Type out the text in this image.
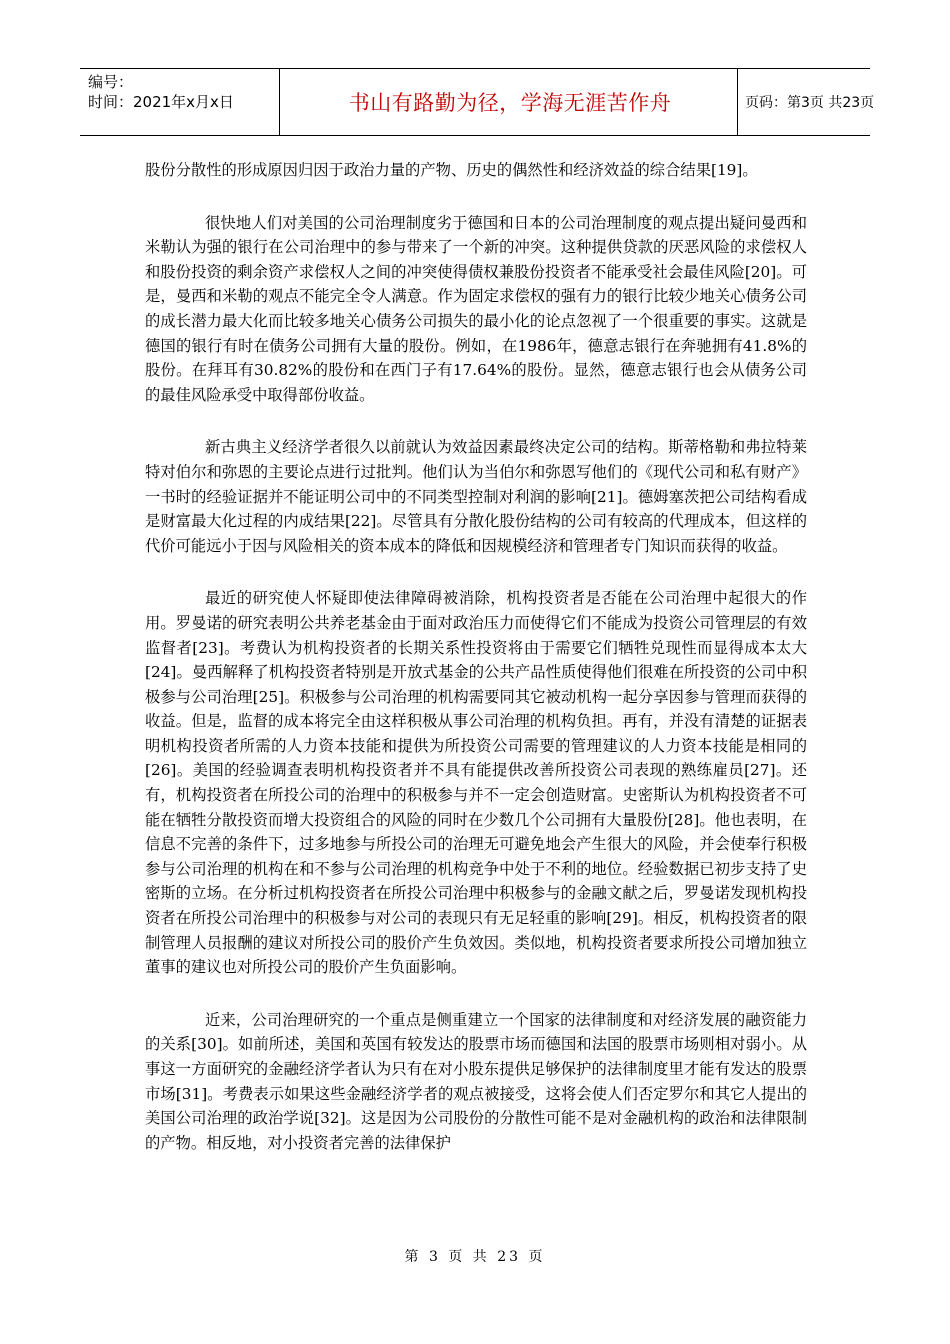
编号：
时间：2021年x月x日	书山有路勤为径，学海无涯苦作舟	页码：第3页 共23页

股份分散性的形成原因归因于政治力量的产物、历史的偶然性和经济效益的综合结果[19]。

很快地人们对美国的公司治理制度劣于德国和日本的公司治理制度的观点提出疑问曼西和米勒认为强的银行在公司治理中的参与带来了一个新的冲突。这种提供贷款的厌恶风险的求偿权人和股份投资的剩余资产求偿权人之间的冲突使得债权兼股份投资者不能承受社会最佳风险[20]。可是，曼西和米勒的观点不能完全令人满意。作为固定求偿权的强有力的银行比较少地关心债务公司的成长潜力最大化而比较多地关心债务公司损失的最小化的论点忽视了一个很重要的事实。这就是德国的银行有时在债务公司拥有大量的股份。例如，在1986年，德意志银行在奔驰拥有41.8%的股份。在拜耳有30.82%的股份和在西门子有17.64%的股份。显然，德意志银行也会从债务公司的最佳风险承受中取得部份收益。

新古典主义经济学者很久以前就认为效益因素最终决定公司的结构。斯蒂格勒和弗拉特莱特对伯尔和弥恩的主要论点进行过批判。他们认为当伯尔和弥恩写他们的《现代公司和私有财产》一书时的经验证据并不能证明公司中的不同类型控制对利润的影响[21]。德姆塞茨把公司结构看成是财富最大化过程的内成结果[22]。尽管具有分散化股份结构的公司有较高的代理成本，但这样的代价可能远小于因与风险相关的资本成本的降低和因规模经济和管理者专门知识而获得的收益。

最近的研究使人怀疑即使法律障碍被消除，机构投资者是否能在公司治理中起很大的作用。罗曼诺的研究表明公共养老基金由于面对政治压力而使得它们不能成为投资公司管理层的有效监督者[23]。考费认为机构投资者的长期关系性投资将由于需要它们牺牲兑现性而显得成本太大[24]。曼西解释了机构投资者特别是开放式基金的公共产品性质使得他们很难在所投资的公司中积极参与公司治理[25]。积极参与公司治理的机构需要同其它被动机构一起分享因参与管理而获得的收益。但是，监督的成本将完全由这样积极从事公司治理的机构负担。再有，并没有清楚的证据表明机构投资者所需的人力资本技能和提供为所投资公司需要的管理建议的人力资本技能是相同的[26]。美国的经验调查表明机构投资者并不具有能提供改善所投资公司表现的熟练雇员[27]。还有，机构投资者在所投公司的治理中的积极参与并不一定会创造财富。史密斯认为机构投资者不可能在牺牲分散投资而增大投资组合的风险的同时在少数几个公司拥有大量股份[28]。他也表明，在信息不完善的条件下，过多地参与所投公司的治理无可避免地会产生很大的风险，并会使奉行积极参与公司治理的机构在和不参与公司治理的机构竞争中处于不利的地位。经验数据已初步支持了史密斯的立场。在分析过机构投资者在所投公司治理中积极参与的金融文献之后，罗曼诺发现机构投资者在所投公司治理中的积极参与对公司的表现只有无足轻重的影响[29]。相反，机构投资者的限制管理人员报酬的建议对所投公司的股价产生负效因。类似地，机构投资者要求所投公司增加独立董事的建议也对所投公司的股价产生负面影响。

近来，公司治理研究的一个重点是侧重建立一个国家的法律制度和对经济发展的融资能力的关系[30]。如前所述，美国和英国有较发达的股票市场而德国和法国的股票市场则相对弱小。从事这一方面研究的金融经济学者认为只有在对小股东提供足够保护的法律制度里才能有发达的股票市场[31]。考费表示如果这些金融经济学者的观点被接受，这将会使人们否定罗尔和其它人提出的美国公司治理的政治学说[32]。这是因为公司股份的分散性可能不是对金融机构的政治和法律限制的产物。相反地，对小投资者完善的法律保护

第 3 页 共 23 页
